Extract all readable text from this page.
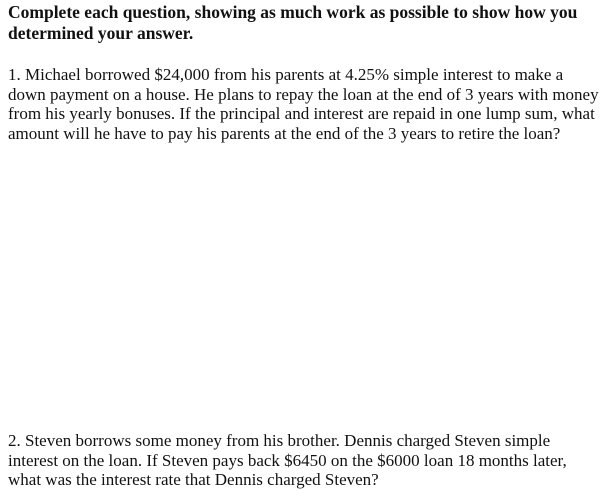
Complete each question, showing as much work as possible to show how you determined your answer.

1. Michael borrowed $24,000 from his parents at 4.25% simple interest to make a down payment on a house. He plans to repay the loan at the end of 3 years with money from his yearly bonuses. If the principal and interest are repaid in one lump sum, what amount will he have to pay his parents at the end of the 3 years to retire the loan?

2. Steven borrows some money from his brother. Dennis charged Steven simple interest on the loan. If Steven pays back $6450 on the $6000 loan 18 months later, what was the interest rate that Dennis charged Steven?
